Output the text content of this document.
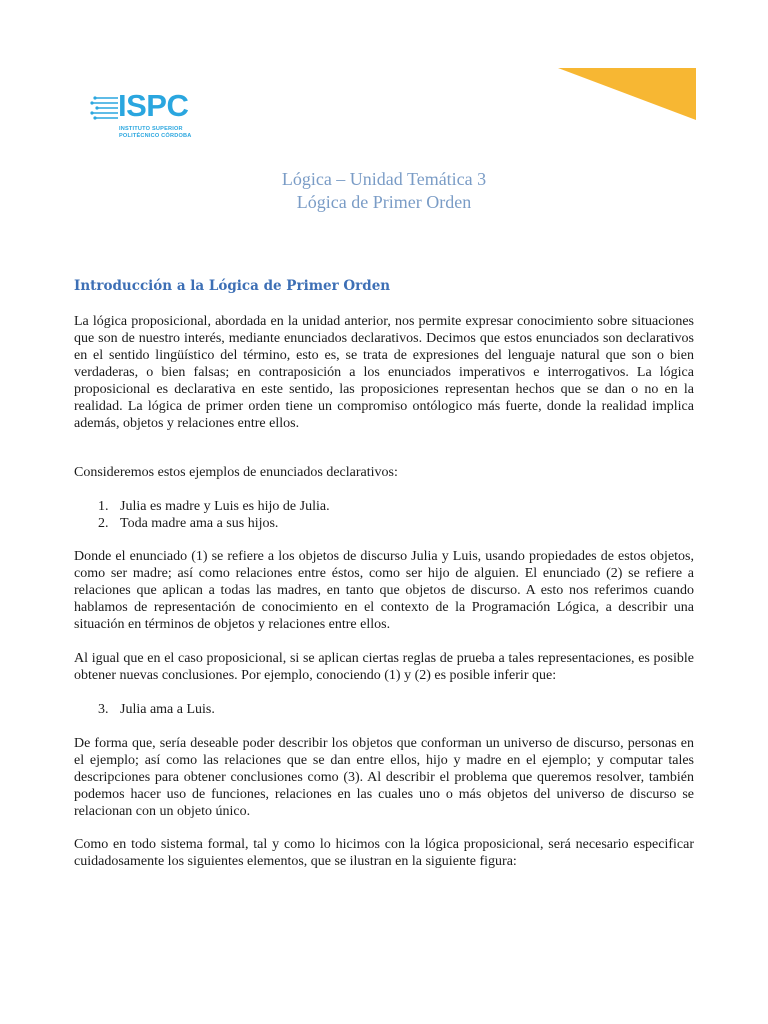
ISPC
INSTITUTO SUPERIOR
POLITÉCNICO CÓRDOBA
Lógica – Unidad Temática 3
Lógica de Primer Orden
Introducción a la Lógica de Primer Orden

La lógica proposicional, abordada en la unidad anterior, nos permite expresar conocimiento sobre situaciones que son de nuestro interés, mediante enunciados declarativos. Decimos que estos enunciados son declarativos en el sentido lingüístico del término, esto es, se trata de expresiones del lenguaje natural que son o bien verdaderas, o bien falsas; en contraposición a los enunciados imperativos e interrogativos. La lógica proposicional es declarativa en este sentido, las proposiciones representan hechos que se dan o no en la realidad. La lógica de primer orden tiene un compromiso ontólogico más fuerte, donde la realidad implica además, objetos y relaciones entre ellos.

Consideremos estos ejemplos de enunciados declarativos:

1. Julia es madre y Luis es hijo de Julia.
2. Toda madre ama a sus hijos.

Donde el enunciado (1) se refiere a los objetos de discurso Julia y Luis, usando propiedades de estos objetos, como ser madre; así como relaciones entre éstos, como ser hijo de alguien. El enunciado (2) se refiere a relaciones que aplican a todas las madres, en tanto que objetos de discurso. A esto nos referimos cuando hablamos de representación de conocimiento en el contexto de la Programación Lógica, a describir una situación en términos de objetos y relaciones entre ellos.

Al igual que en el caso proposicional, si se aplican ciertas reglas de prueba a tales representaciones, es posible obtener nuevas conclusiones. Por ejemplo, conociendo (1) y (2) es posible inferir que:

3. Julia ama a Luis.

De forma que, sería deseable poder describir los objetos que conforman un universo de discurso, personas en el ejemplo; así como las relaciones que se dan entre ellos, hijo y madre en el ejemplo; y computar tales descripciones para obtener conclusiones como (3). Al describir el problema que queremos resolver, también podemos hacer uso de funciones, relaciones en las cuales uno o más objetos del universo de discurso se relacionan con un objeto único.

Como en todo sistema formal, tal y como lo hicimos con la lógica proposicional, será necesario especificar cuidadosamente los siguientes elementos, que se ilustran en la siguiente figura:
